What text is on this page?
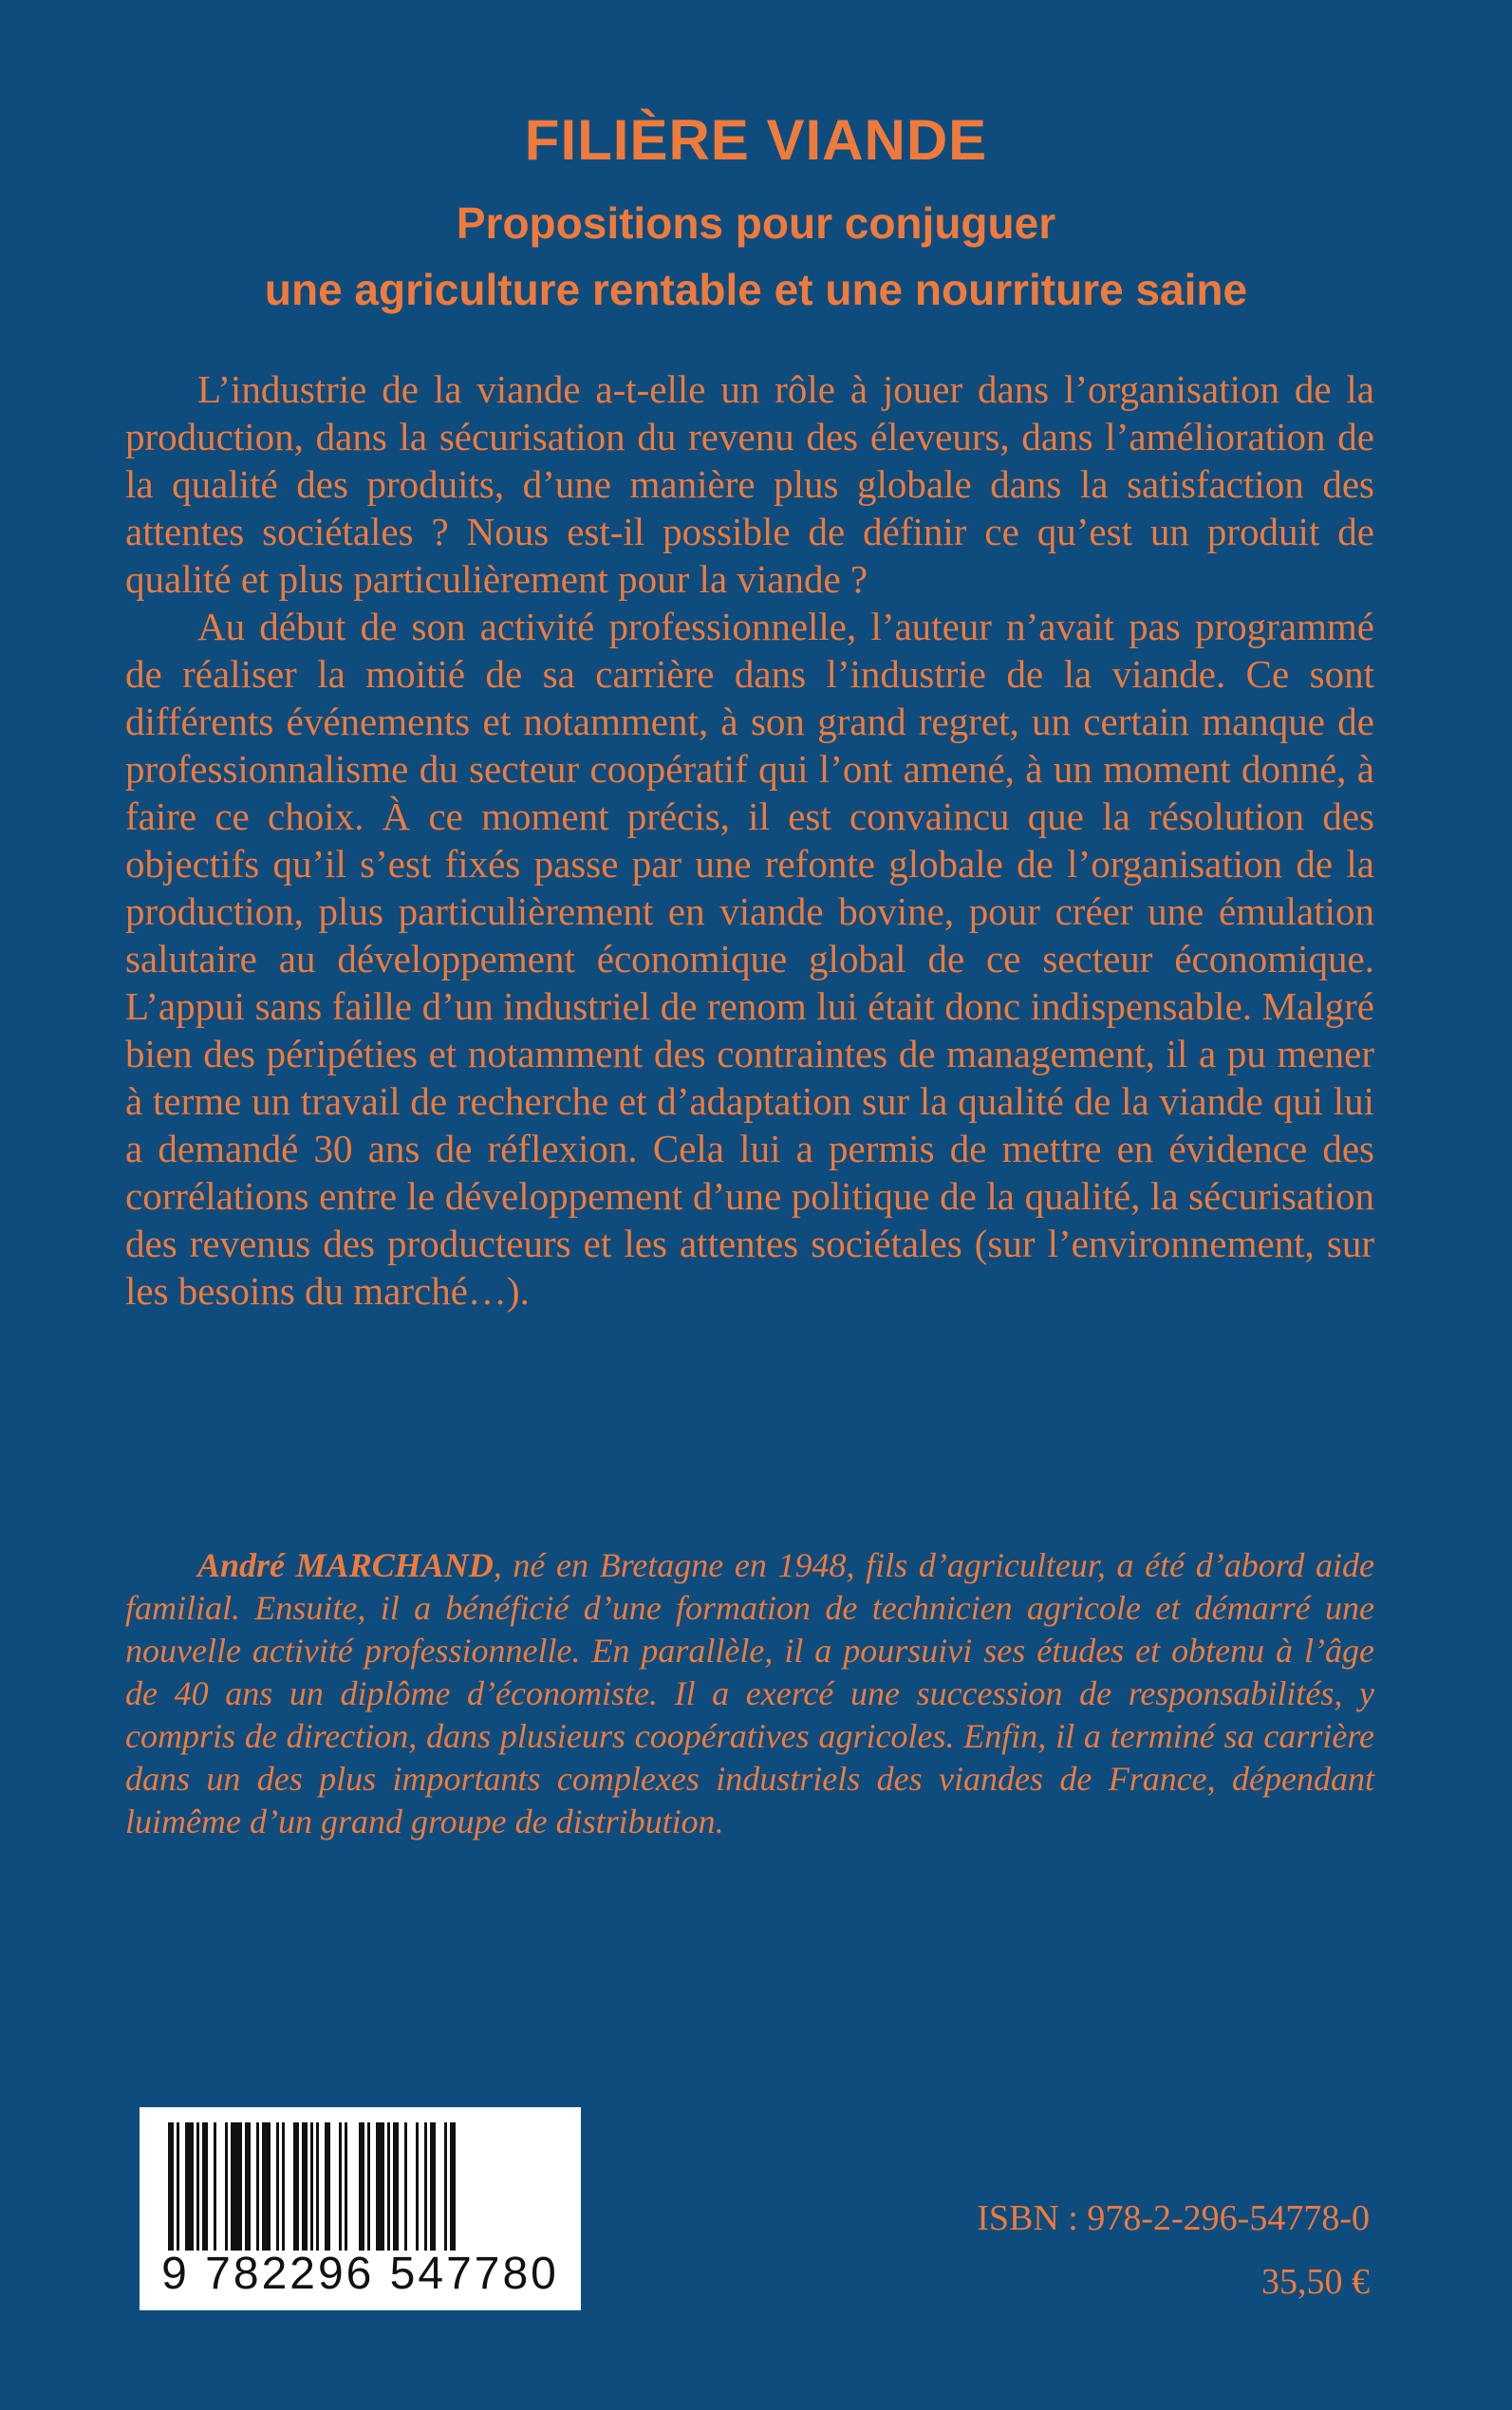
FILIÈRE VIANDE
Propositions pour conjuguer
une agriculture rentable et une nourriture saine

L’industrie de la viande a-t-elle un rôle à jouer dans l’organisation de la production, dans la sécurisation du revenu des éleveurs, dans l’amélioration de la qualité des produits, d’une manière plus globale dans la satisfaction des attentes sociétales ? Nous est-il possible de définir ce qu’est un produit de qualité et plus particulièrement pour la viande ?

Au début de son activité professionnelle, l’auteur n’avait pas programmé de réaliser la moitié de sa carrière dans l’industrie de la viande. Ce sont différents événements et notamment, à son grand regret, un certain manque de professionnalisme du secteur coopératif qui l’ont amené, à un moment donné, à faire ce choix. À ce moment précis, il est convaincu que la résolution des objectifs qu’il s’est fixés passe par une refonte globale de l’organisation de la production, plus particulièrement en viande bovine, pour créer une émulation salutaire au développement économique global de ce secteur économique. L’appui sans faille d’un industriel de renom lui était donc indispensable. Malgré bien des péripéties et notamment des contraintes de management, il a pu mener à terme un travail de recherche et d’adaptation sur la qualité de la viande qui lui a demandé 30 ans de réflexion. Cela lui a permis de mettre en évidence des corrélations entre le développement d’une politique de la qualité, la sécurisation des revenus des producteurs et les attentes sociétales (sur l’environnement, sur les besoins du marché…).

André MARCHAND, né en Bretagne en 1948, fils d’agriculteur, a été d’abord aide familial. Ensuite, il a bénéficié d’une formation de technicien agricole et démarré une nouvelle activité professionnelle. En parallèle, il a poursuivi ses études et obtenu à l’âge de 40 ans un diplôme d’économiste. Il a exercé une succession de responsabilités, y compris de direction, dans plusieurs coopératives agricoles. Enfin, il a terminé sa carrière dans un des plus importants complexes industriels des viandes de France, dépendant luimême d’un grand groupe de distribution.

9 782296 547780
ISBN : 978-2-296-54778-0
35,50 €
